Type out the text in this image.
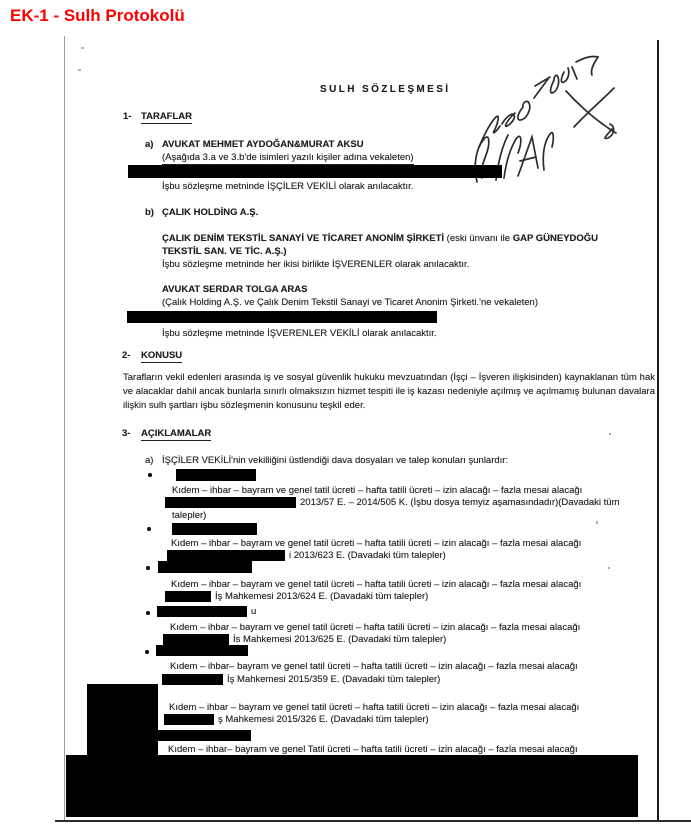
EK-1 - Sulh Protokolü
SULH SÖZLEŞMESİ
1- TARAFLAR
a) AVUKAT MEHMET AYDOĞAN&MURAT AKSU
(Aşağıda 3.a ve 3.b'de isimleri yazılı kişiler adına vekaleten)
İşbu sözleşme metninde İŞÇİLER VEKİLİ olarak anılacaktır.
b) ÇALIK HOLDİNG A.Ş.
ÇALIK DENİM TEKSTİL SANAYİ VE TİCARET ANONİM ŞİRKETİ (eski ünvanı ile GAP GÜNEYDOĞU
TEKSTİL SAN. VE TİC. A.Ş.)
İşbu sözleşme metninde her ikisi birlikte İŞVERENLER olarak anılacaktır.
AVUKAT SERDAR TOLGA ARAS
(Çalık Holding A.Ş. ve Çalık Denim Tekstil Sanayi ve Ticaret Anonim Şirketi.'ne vekaleten)
İşbu sözleşme metninde İŞVERENLER VEKİLİ olarak anılacaktır.
2- KONUSU
Tarafların vekil edenleri arasında iş ve sosyal güvenlik hukuku mevzuatından (İşçi – İşveren ilişkisinden) kaynaklanan tüm hak ve alacaklar dahil ancak bunlarla sınırlı olmaksızın hizmet tespiti ile iş kazası nedeniyle açılmış ve açılmamış bulunan davalara ilişkin sulh şartları işbu sözleşmenin konusunu teşkil eder.
3- AÇIKLAMALAR
a) İŞÇİLER VEKİLİ'nin vekilliğini üstlendiği dava dosyaları ve talep konuları şunlardır:
Kıdem – ihbar – bayram ve genel tatil ücreti – hafta tatili ücreti – izin alacağı – fazla mesai alacağı
2013/57 E. – 2014/505 K. (İşbu dosya temyiz aşamasındadır)(Davadaki tüm
talepler)
Kıdem – ihbar – bayram ve genel tatil ücreti – hafta tatili ücreti – izin alacağı – fazla mesai alacağı
i 2013/623 E. (Davadaki tüm talepler)
Kıdem – ihbar – bayram ve genel tatil ücreti – hafta tatili ücreti – izin alacağı – fazla mesai alacağı
İş Mahkemesi 2013/624 E. (Davadaki tüm talepler)
u
Kıdem – ihbar – bayram ve genel tatil ücreti – hafta tatili ücreti – izin alacağı – fazla mesai alacağı
İs Mahkemesi 2013/625 E. (Davadaki tüm talepler)
Kıdem – ihbar– bayram ve genel tatil ücreti – hafta tatili ücreti – izin alacağı – fazla mesai alacağı
İş Mahkemesi 2015/359 E. (Davadaki tüm talepler)
Kıdem – ihbar – bayram ve genel tatil ücreti – hafta tatili ücreti – izin alacağı – fazla mesai alacağı
ş Mahkemesi 2015/326 E. (Davadaki tüm talepler)
Kıdem – ihbar– bayram ve genel Tatil ücreti – hafta tatili ücreti – izin alacağı – fazla mesai alacağı
